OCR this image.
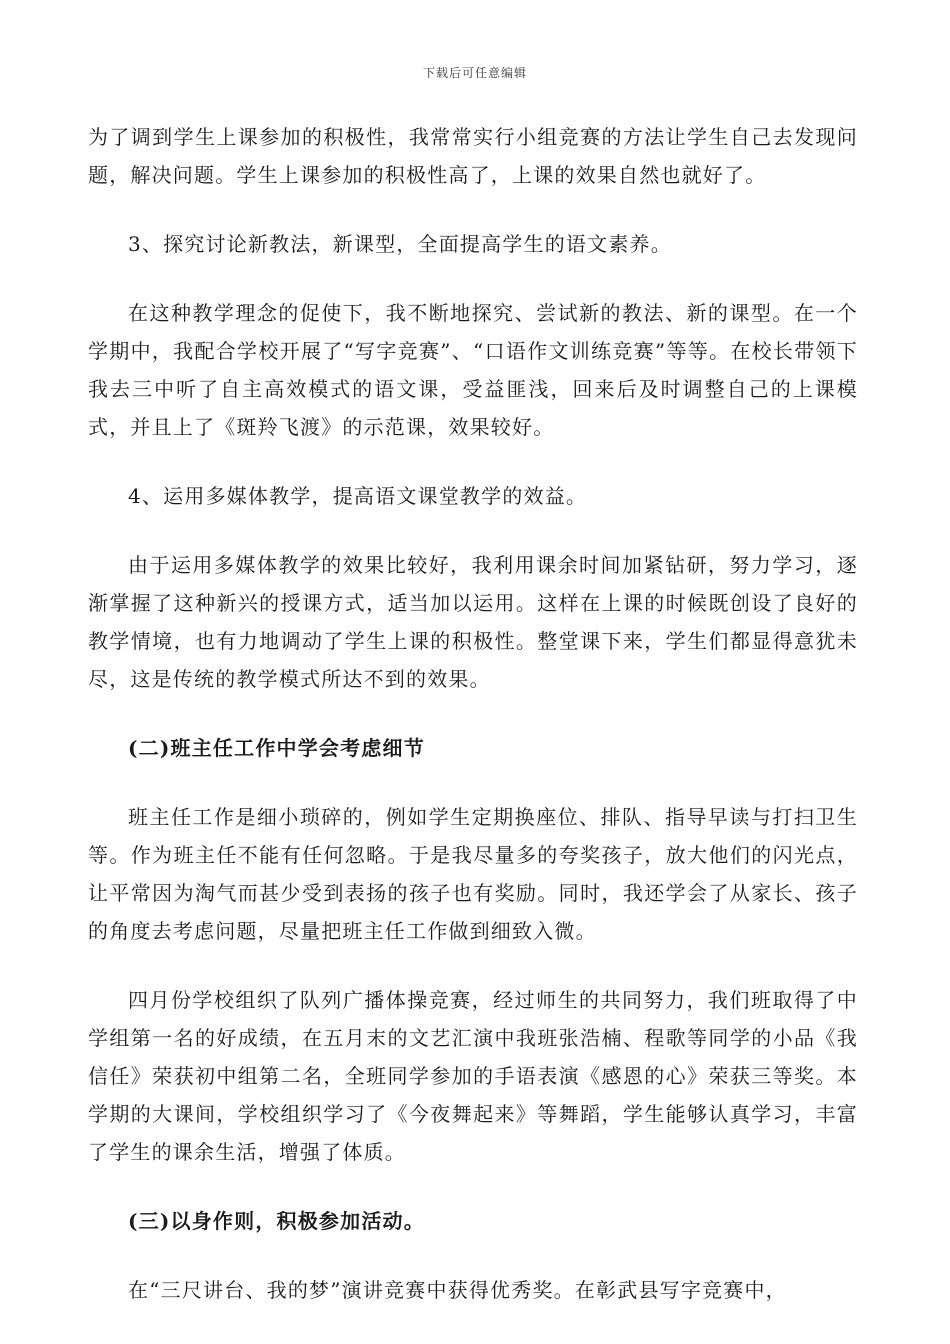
下载后可任意编辑

为了调到学生上课参加的积极性，我常常实行小组竞赛的方法让学生自己去发现问题，解决问题。学生上课参加的积极性高了，上课的效果自然也就好了。

3、探究讨论新教法，新课型，全面提高学生的语文素养。

在这种教学理念的促使下，我不断地探究、尝试新的教法、新的课型。在一个学期中，我配合学校开展了“写字竞赛”、“口语作文训练竞赛”等等。在校长带领下我去三中听了自主高效模式的语文课，受益匪浅，回来后及时调整自己的上课模式，并且上了《斑羚飞渡》的示范课，效果较好。

4、运用多媒体教学，提高语文课堂教学的效益。

由于运用多媒体教学的效果比较好，我利用课余时间加紧钻研，努力学习，逐渐掌握了这种新兴的授课方式，适当加以运用。这样在上课的时候既创设了良好的教学情境，也有力地调动了学生上课的积极性。整堂课下来，学生们都显得意犹未尽，这是传统的教学模式所达不到的效果。

(二)班主任工作中学会考虑细节

班主任工作是细小琐碎的，例如学生定期换座位、排队、指导早读与打扫卫生等。作为班主任不能有任何忽略。于是我尽量多的夸奖孩子，放大他们的闪光点，让平常因为淘气而甚少受到表扬的孩子也有奖励。同时，我还学会了从家长、孩子的角度去考虑问题，尽量把班主任工作做到细致入微。

四月份学校组织了队列广播体操竞赛，经过师生的共同努力，我们班取得了中学组第一名的好成绩，在五月末的文艺汇演中我班张浩楠、程歌等同学的小品《我信任》荣获初中组第二名，全班同学参加的手语表演《感恩的心》荣获三等奖。本学期的大课间，学校组织学习了《今夜舞起来》等舞蹈，学生能够认真学习，丰富了学生的课余生活，增强了体质。

(三)以身作则，积极参加活动。

在“三尺讲台、我的梦”演讲竞赛中获得优秀奖。在彰武县写字竞赛中，
